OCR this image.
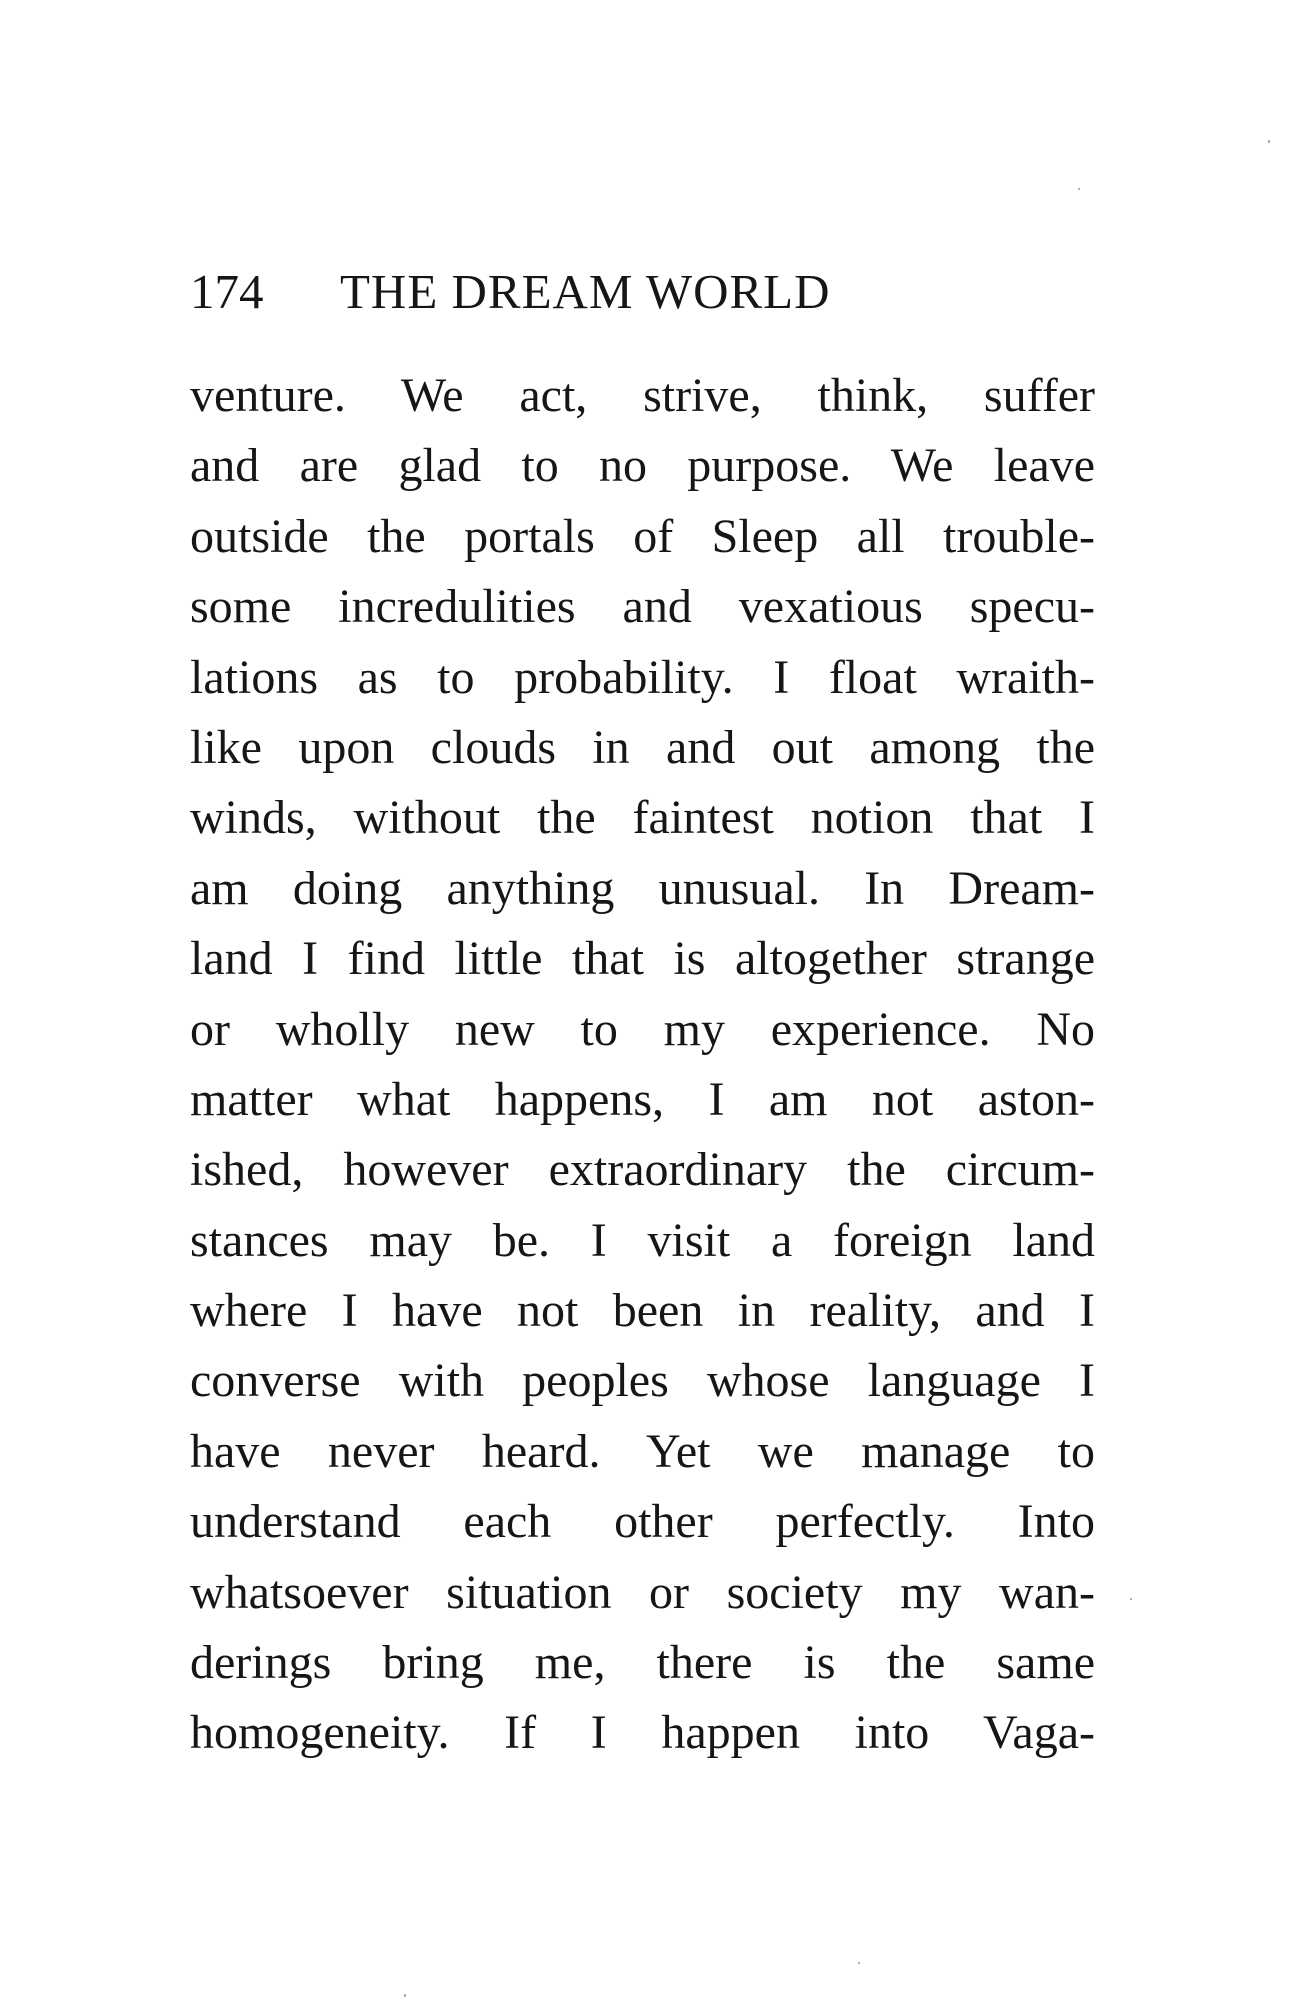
174 THE DREAM WORLD
venture. We act, strive, think, suffer
and are glad to no purpose. We leave
outside the portals of Sleep all trouble-
some incredulities and vexatious specu-
lations as to probability. I float wraith-
like upon clouds in and out among the
winds, without the faintest notion that I
am doing anything unusual. In Dream-
land I find little that is altogether strange
or wholly new to my experience. No
matter what happens, I am not aston-
ished, however extraordinary the circum-
stances may be. I visit a foreign land
where I have not been in reality, and I
converse with peoples whose language I
have never heard. Yet we manage to
understand each other perfectly. Into
whatsoever situation or society my wan-
derings bring me, there is the same
homogeneity. If I happen into Vaga-
